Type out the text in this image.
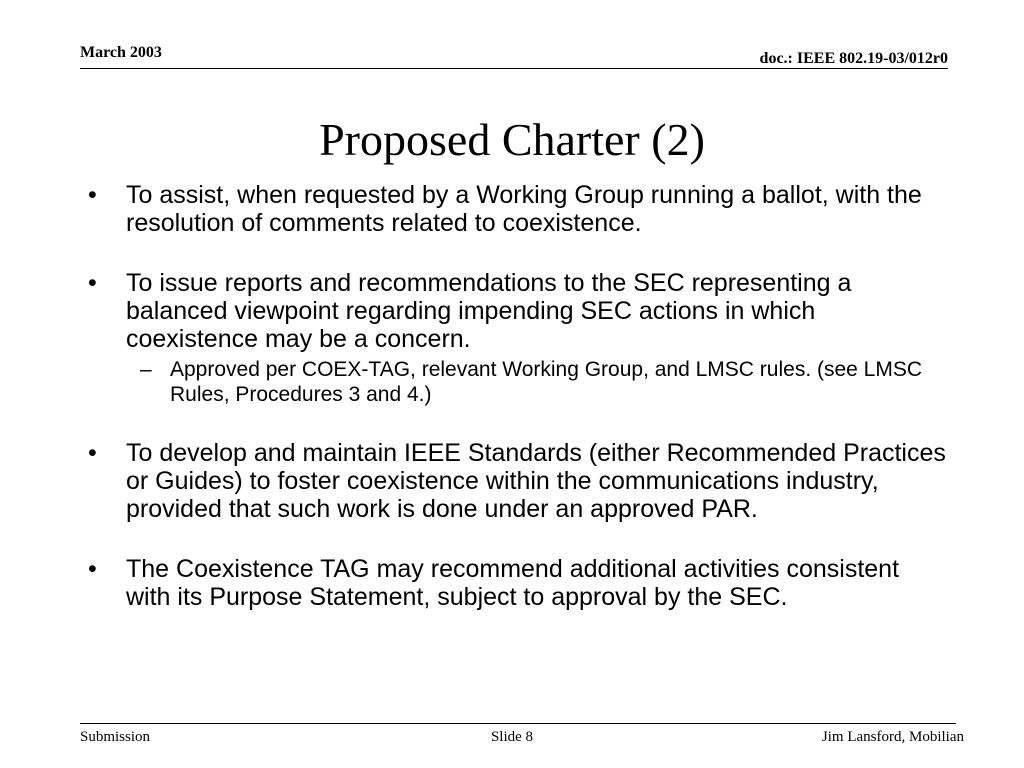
March 2003	doc.: IEEE 802.19-03/012r0
Proposed Charter (2)
• To assist, when requested by a Working Group running a ballot, with the resolution of comments related to coexistence.
• To issue reports and recommendations to the SEC representing a balanced viewpoint regarding impending SEC actions in which coexistence may be a concern.
– Approved per COEX-TAG, relevant Working Group, and LMSC rules. (see LMSC Rules, Procedures 3 and 4.)
• To develop and maintain IEEE Standards (either Recommended Practices or Guides) to foster coexistence within the communications industry, provided that such work is done under an approved PAR.
• The Coexistence TAG may recommend additional activities consistent with its Purpose Statement, subject to approval by the SEC.
Submission	Slide 8	Jim Lansford, Mobilian
